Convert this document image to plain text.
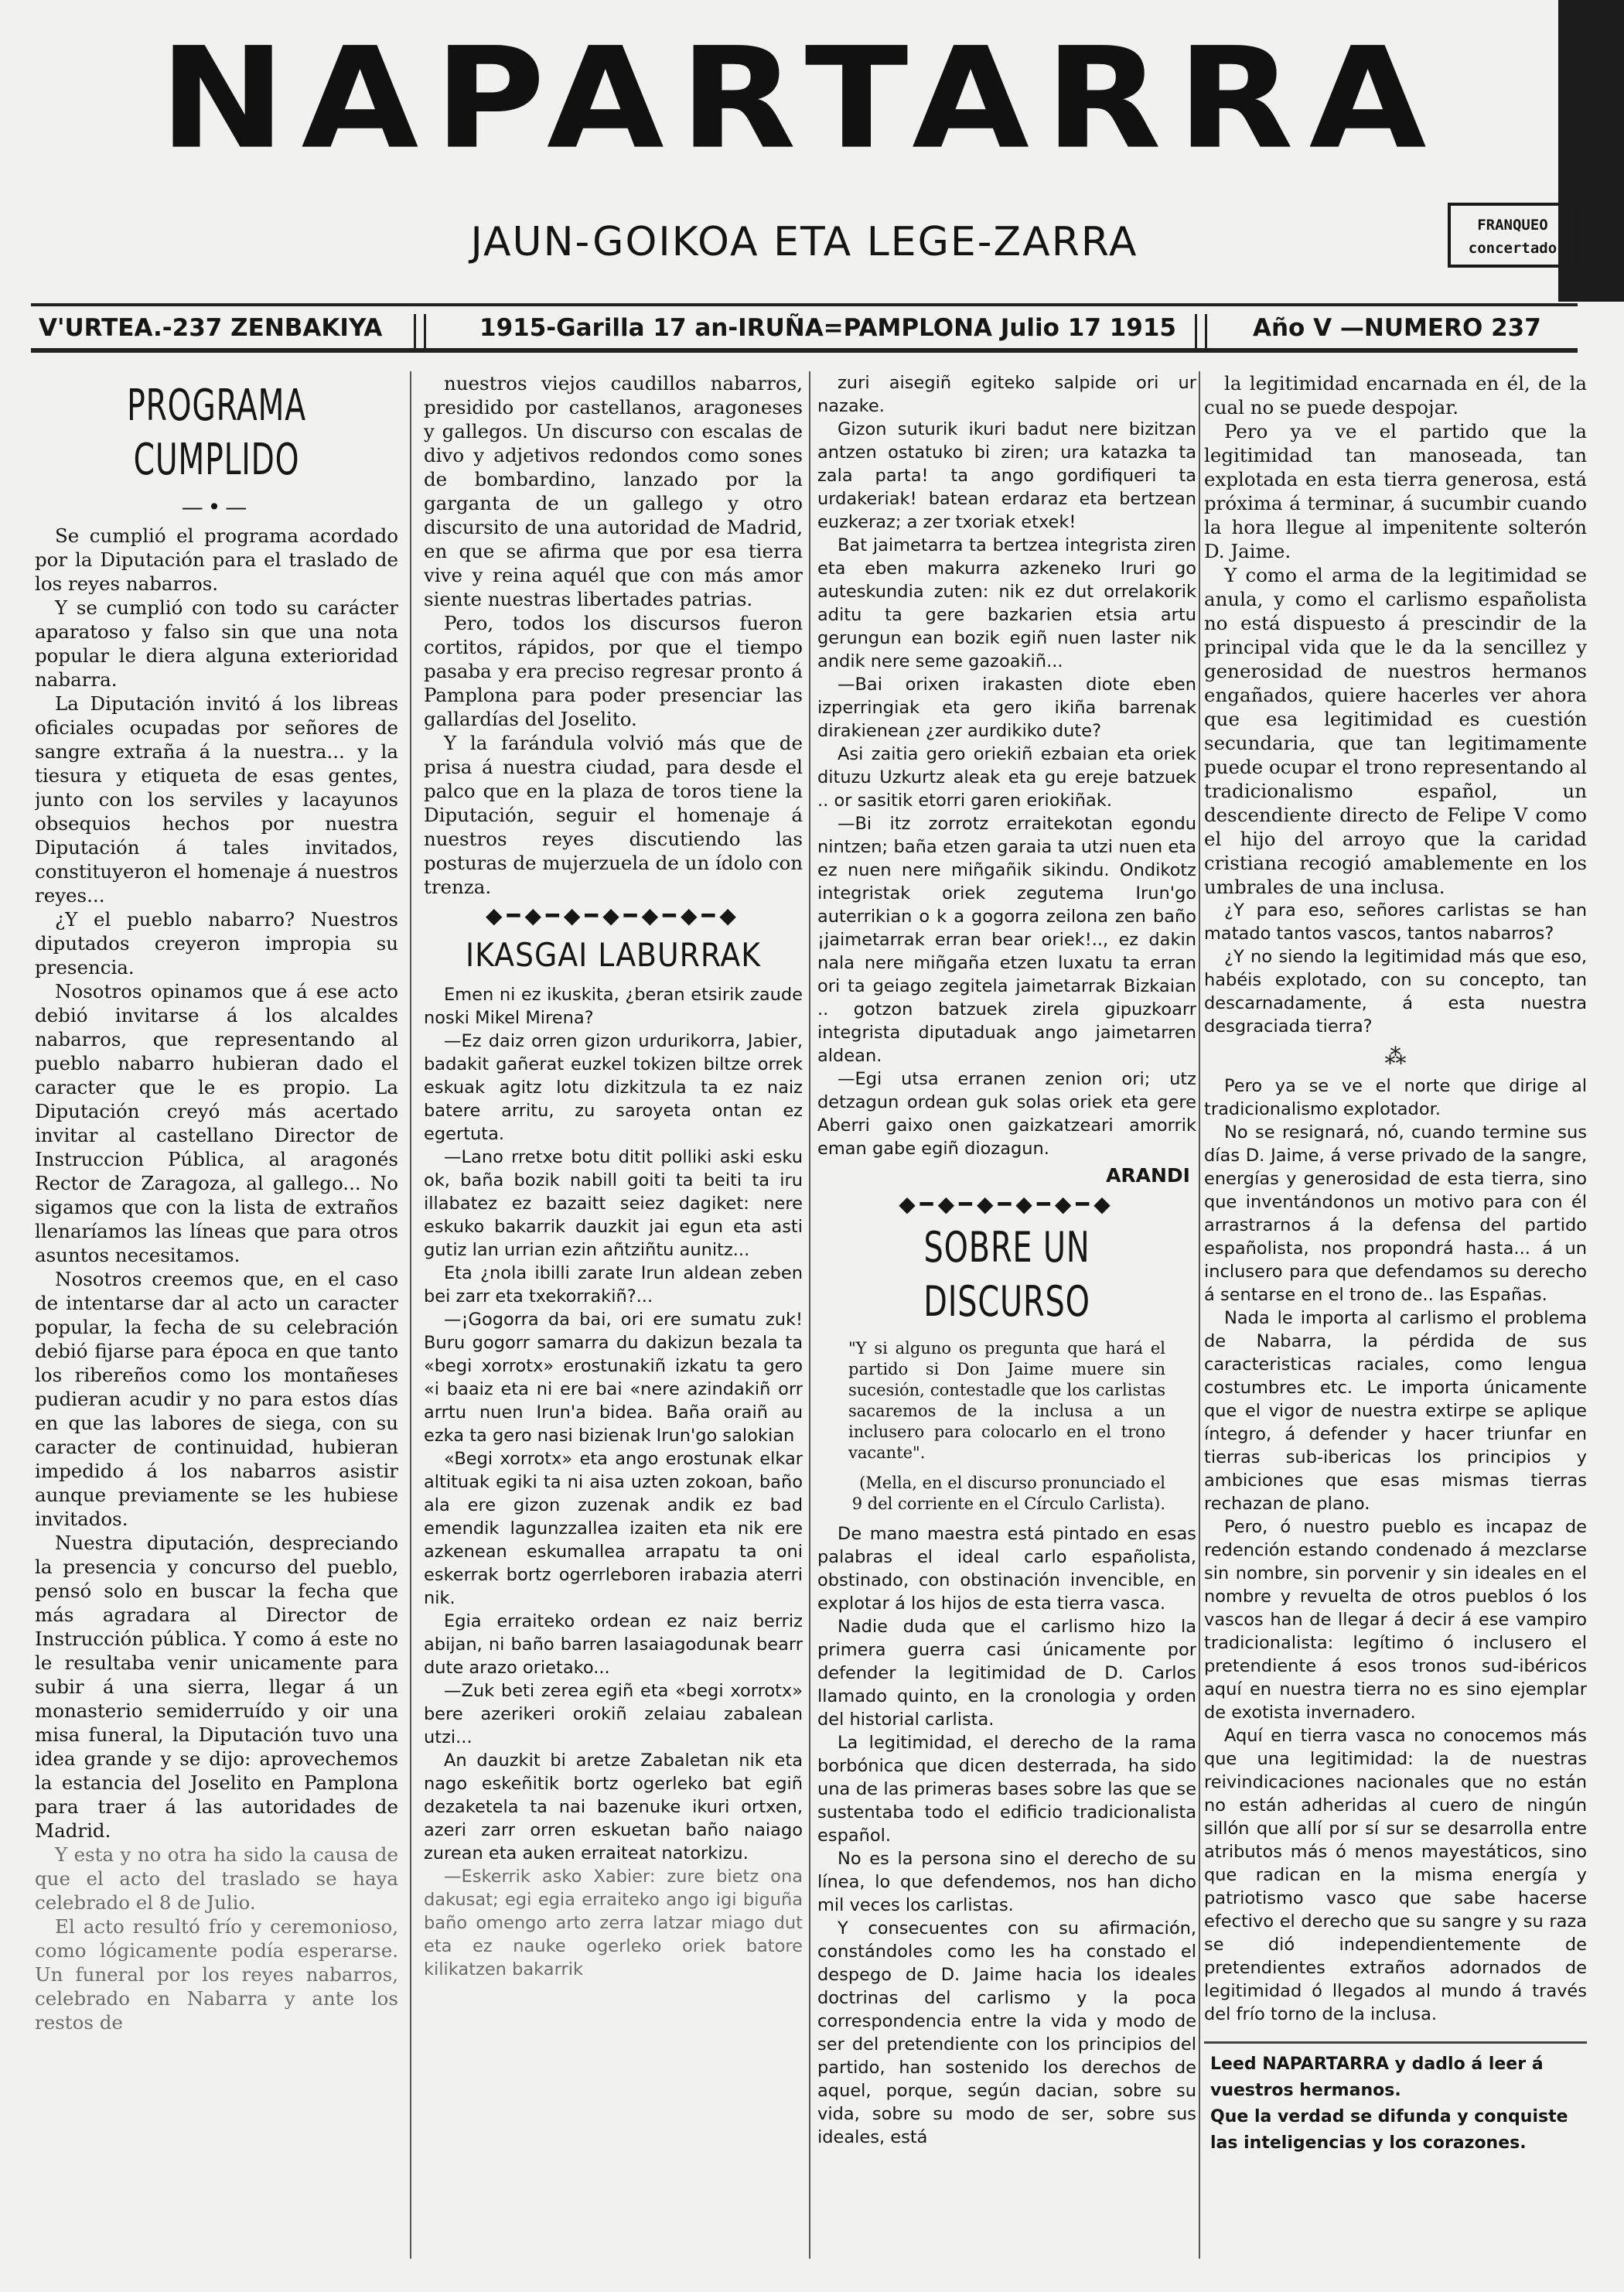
NAPARTARRA
JAUN-GOIKOA ETA LEGE-ZARRA	FRANQUEO
concertado
V'URTEA.-237 ZENBAKIYA	1915-Garilla 17 an-IRUÑA=PAMPLONA Julio 17 1915	Año V —NUMERO 237
PROGRAMA CUMPLIDO
—•—

Se cumplió el programa acordado por la Diputación para el traslado de los reyes nabarros.

Y se cumplió con todo su carácter aparatoso y falso sin que una nota popular le diera alguna exterioridad nabarra.

La Diputación invitó á los libreas oficiales ocupadas por señores de sangre extraña á la nuestra... y la tiesura y etiqueta de esas gentes, junto con los serviles y lacayunos obsequios hechos por nuestra Diputación á tales invitados, constituyeron el homenaje á nuestros reyes...

¿Y el pueblo nabarro? Nuestros diputados creyeron impropia su presencia.

Nosotros opinamos que á ese acto debió invitarse á los alcaldes nabarros, que representando al pueblo nabarro hubieran dado el caracter que le es propio. La Diputación creyó más acertado invitar al castellano Director de Instruccion Pública, al aragonés Rector de Zaragoza, al gallego... No sigamos que con la lista de extraños llenaríamos las líneas que para otros asuntos necesitamos.

Nosotros creemos que, en el caso de intentarse dar al acto un caracter popular, la fecha de su celebración debió fijarse para época en que tanto los ribereños como los montañeses pudieran acudir y no para estos días en que las labores de siega, con su caracter de continuidad, hubieran impedido á los nabarros asistir aunque previamente se les hubiese invitados.

Nuestra diputación, despreciando la presencia y concurso del pueblo, pensó solo en buscar la fecha que más agradara al Director de Instrucción pública. Y como á este no le resultaba venir unicamente para subir á una sierra, llegar á un monasterio semiderruído y oir una misa funeral, la Diputación tuvo una idea grande y se dijo: aprovechemos la estancia del Joselito en Pamplona para traer á las autoridades de Madrid.

Y esta y no otra ha sido la causa de que el acto del traslado se haya celebrado el 8 de Julio.

El acto resultó frío y ceremonioso, como lógicamente podía esperarse. Un funeral por los reyes nabarros, celebrado en Nabarra y ante los restos de

nuestros viejos caudillos nabarros, presidido por castellanos, aragoneses y gallegos. Un discurso con escalas de divo y adjetivos redondos como sones de bombardino, lanzado por la garganta de un gallego y otro discursito de una autoridad de Madrid, en que se afirma que por esa tierra vive y reina aquél que con más amor siente nuestras libertades patrias.

Pero, todos los discursos fueron cortitos, rápidos, por que el tiempo pasaba y era preciso regresar pronto á Pamplona para poder presenciar las gallardías del Joselito.

Y la farándula volvió más que de prisa á nuestra ciudad, para desde el palco que en la plaza de toros tiene la Diputación, seguir el homenaje á nuestros reyes discutiendo las posturas de mujerzuela de un ídolo con trenza.

◆━◆━◆━◆━◆━◆━◆
IKASGAI LABURRAK

Emen ni ez ikuskita, ¿beran etsirik zaude noski Mikel Mirena?

—Ez daiz orren gizon urdurikorra, Jabier, badakit gañerat euzkel tokizen biltze orrek eskuak agitz lotu dizkitzula ta ez naiz batere arritu, zu saroyeta ontan ez egertuta.

—Lano rretxe botu ditit polliki aski esku ok, baña bozik nabill goiti ta beiti ta iru illabatez ez bazaitt seiez dagiket: nere eskuko bakarrik dauzkit jai egun eta asti gutiz lan urrian ezin añtziñtu aunitz...

Eta ¿nola ibilli zarate Irun aldean zeben bei zarr eta txekorrakiñ?...

—¡Gogorra da bai, ori ere sumatu zuk! Buru gogorr samarra du dakizun bezala ta «begi xorrotx» erostunakiñ izkatu ta gero «i baaiz eta ni ere bai «nere azindakiñ orr arrtu nuen Irun'a bidea. Baña oraiñ au ezka ta gero nasi bizienak Irun'go salokian

«Begi xorrotx» eta ango erostunak elkar altituak egiki ta ni aisa uzten zokoan, baño ala ere gizon zuzenak andik ez bad emendik lagunzzallea izaiten eta nik ere azkenean eskumallea arrapatu ta oni eskerrak bortz ogerrleboren irabazia aterri nik.

Egia erraiteko ordean ez naiz berriz abijan, ni baño barren lasaiagodunak bearr dute arazo orietako...

—Zuk beti zerea egiñ eta «begi xorrotx» bere azerikeri orokiñ zelaiau zabalean utzi...

An dauzkit bi aretze Zabaletan nik eta nago eskeñitik bortz ogerleko bat egiñ dezaketela ta nai bazenuke ikuri ortxen, azeri zarr orren eskuetan baño naiago zurean eta auken erraiteat natorkizu.

—Eskerrik asko Xabier: zure bietz ona dakusat; egi egia erraiteko ango igi biguña baño omengo arto zerra latzar miago dut eta ez nauke ogerleko oriek batore kilikatzen bakarrik

zuri aisegiñ egiteko salpide ori ur nazake.

Gizon suturik ikuri badut nere bizitzan antzen ostatuko bi ziren; ura katazka ta zala parta! ta ango gordifiqueri ta urdakeriak! batean erdaraz eta bertzean euzkeraz; a zer txoriak etxek!

Bat jaimetarra ta bertzea integrista ziren eta eben makurra azkeneko Iruri go auteskundia zuten: nik ez dut orrelakorik aditu ta gere bazkarien etsia artu gerungun ean bozik egiñ nuen laster nik andik nere seme gazoakiñ...

—Bai orixen irakasten diote eben izperringiak eta gero ikiña barrenak dirakienean ¿zer aurdikiko dute?

Asi zaitia gero oriekiñ ezbaian eta oriek dituzu Uzkurtz aleak eta gu ereje batzuek .. or sasitik etorri garen eriokiñak.

—Bi itz zorrotz erraitekotan egondu nintzen; baña etzen garaia ta utzi nuen eta ez nuen nere miñgañik sikindu. Ondikotz integristak oriek zegutema Irun'go auterrikian o k a gogorra zeilona zen baño ¡jaimetarrak erran bear oriek!.., ez dakin nala nere miñgaña etzen luxatu ta erran ori ta geiago zegitela jaimetarrak Bizkaian .. gotzon batzuek zirela gipuzkoarr integrista diputaduak ango jaimetarren aldean.

—Egi utsa erranen zenion ori; utz detzagun ordean guk solas oriek eta gere Aberri gaixo onen gaizkatzeari amorrik eman gabe egiñ diozagun.

ARANDI
◆━◆━◆━◆━◆━◆
SOBRE UN DISCURSO
"Y si alguno os pregunta que hará el partido si Don Jaime muere sin sucesión, contestadle que los carlistas sacaremos de la inclusa a un inclusero para colocarlo en el trono vacante".
(Mella, en el discurso pronunciado el 9 del corriente en el Círculo Carlista).

De mano maestra está pintado en esas palabras el ideal carlo españolista, obstinado, con obstinación invencible, en explotar á los hijos de esta tierra vasca.

Nadie duda que el carlismo hizo la primera guerra casi únicamente por defender la legitimidad de D. Carlos llamado quinto, en la cronologia y orden del historial carlista.

La legitimidad, el derecho de la rama borbónica que dicen desterrada, ha sido una de las primeras bases sobre las que se sustentaba todo el edificio tradicionalista español.

No es la persona sino el derecho de su línea, lo que defendemos, nos han dicho mil veces los carlistas.

Y consecuentes con su afirmación, constándoles como les ha constado el despego de D. Jaime hacia los ideales doctrinas del carlismo y la poca correspondencia entre la vida y modo de ser del pretendiente con los principios del partido, han sostenido los derechos de aquel, porque, según dacian, sobre su vida, sobre su modo de ser, sobre sus ideales, está

la legitimidad encarnada en él, de la cual no se puede despojar.

Pero ya ve el partido que la legitimidad tan manoseada, tan explotada en esta tierra generosa, está próxima á terminar, á sucumbir cuando la hora llegue al impenitente solterón D. Jaime.

Y como el arma de la legitimidad se anula, y como el carlismo españolista no está dispuesto á prescindir de la principal vida que le da la sencillez y generosidad de nuestros hermanos engañados, quiere hacerles ver ahora que esa legitimidad es cuestión secundaria, que tan legitimamente puede ocupar el trono representando al tradicionalismo español, un descendiente directo de Felipe V como el hijo del arroyo que la caridad cristiana recogió amablemente en los umbrales de una inclusa.

¿Y para eso, señores carlistas se han matado tantos vascos, tantos nabarros?

¿Y no siendo la legitimidad más que eso, habéis explotado, con su concepto, tan descarnadamente, á esta nuestra desgraciada tierra?

⁂

Pero ya se ve el norte que dirige al tradicionalismo explotador.

No se resignará, nó, cuando termine sus días D. Jaime, á verse privado de la sangre, energías y generosidad de esta tierra, sino que inventándonos un motivo para con él arrastrarnos á la defensa del partido españolista, nos propondrá hasta... á un inclusero para que defendamos su derecho á sentarse en el trono de.. las Españas.

Nada le importa al carlismo el problema de Nabarra, la pérdida de sus caracteristicas raciales, como lengua costumbres etc. Le importa únicamente que el vigor de nuestra extirpe se aplique íntegro, á defender y hacer triunfar en tierras sub-ibericas los principios y ambiciones que esas mismas tierras rechazan de plano.

Pero, ó nuestro pueblo es incapaz de redención estando condenado á mezclarse sin nombre, sin porvenir y sin ideales en el nombre y revuelta de otros pueblos ó los vascos han de llegar á decir á ese vampiro tradicionalista: legítimo ó inclusero el pretendiente á esos tronos sud-ibéricos aquí en nuestra tierra no es sino ejemplar de exotista invernadero.

Aquí en tierra vasca no conocemos más que una legitimidad: la de nuestras reivindicaciones nacionales que no están no están adheridas al cuero de ningún sillón que allí por sí sur se desarrolla entre atributos más ó menos mayestáticos, sino que radican en la misma energía y patriotismo vasco que sabe hacerse efectivo el derecho que su sangre y su raza se dió independientemente de pretendientes extraños adornados de legitimidad ó llegados al mundo á través del frío torno de la inclusa.

Leed NAPARTARRA y dadlo á leer á vuestros hermanos.
Que la verdad se difunda y conquiste las inteligencias y los corazones.
